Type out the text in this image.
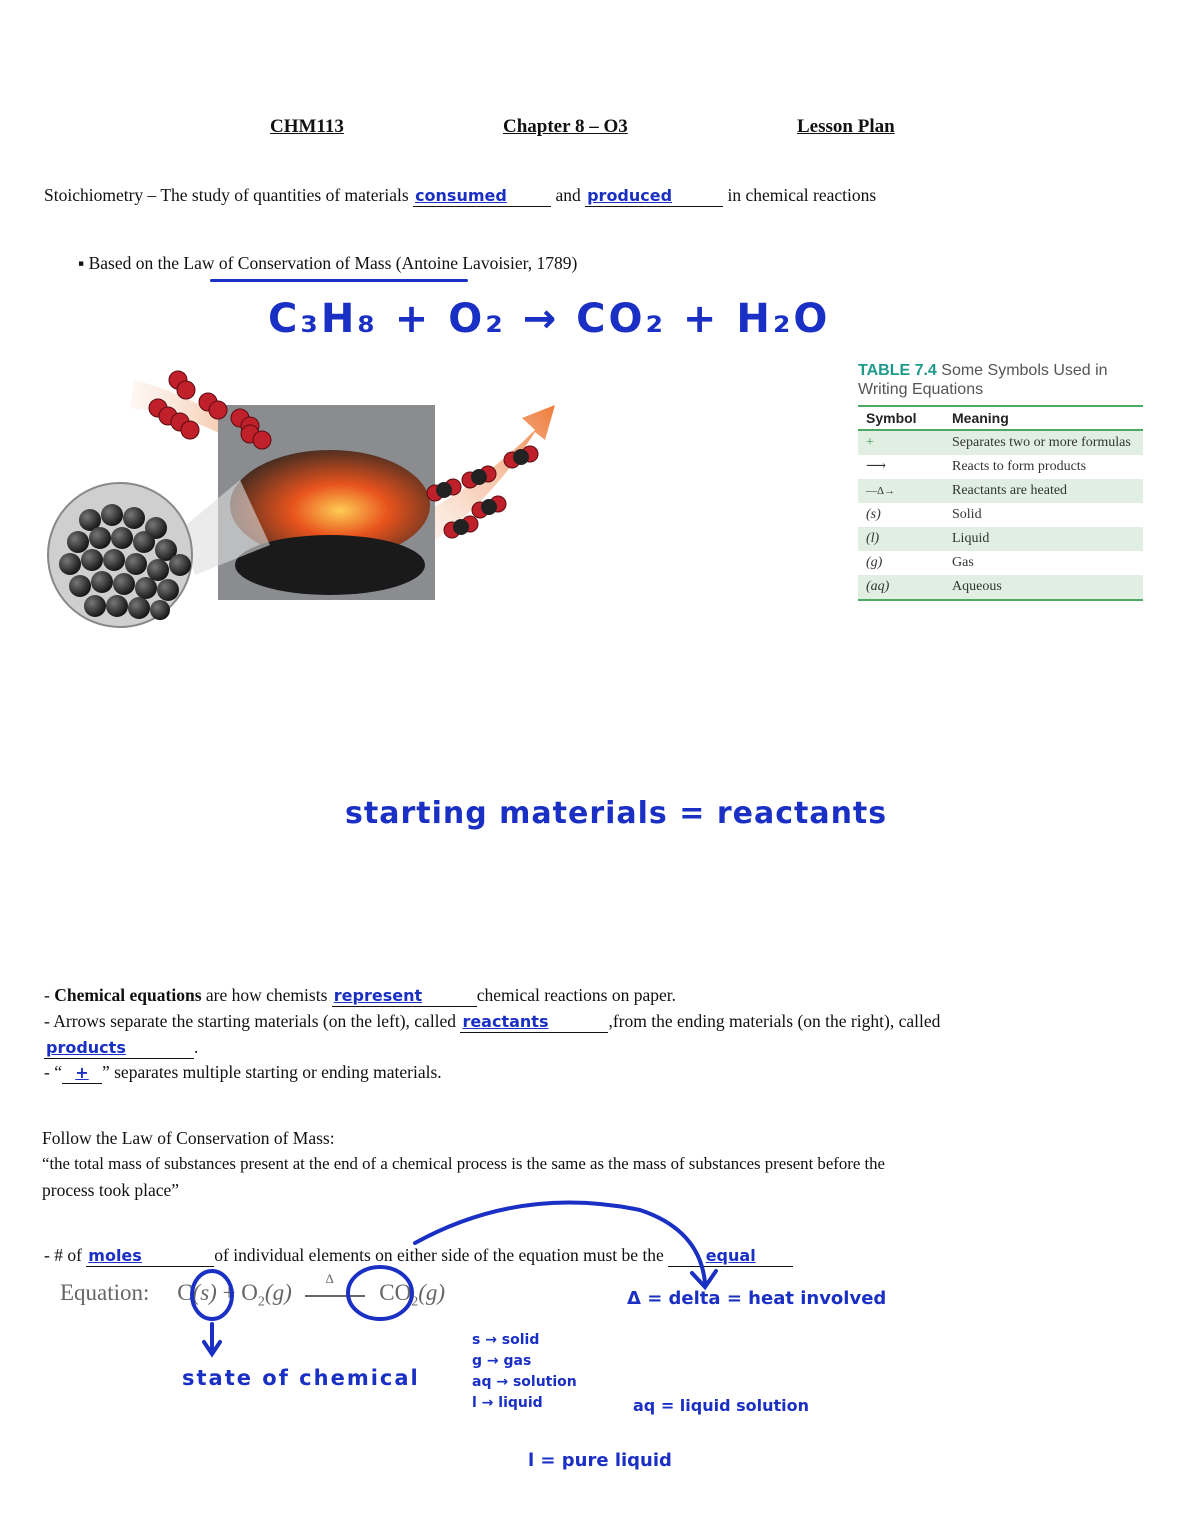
CHM113	Chapter 8 – O3	Lesson Plan
Stoichiometry – The study of quantities of materials consumed	and produced	in chemical reactions
▪ Based on the Law of Conservation of Mass (Antoine Lavoisier, 1789)
C₃H₈ + O₂ → CO₂ + H₂O
TABLE 7.4 Some Symbols Used in Writing Equations
Symbol	Meaning
+	Separates two or more formulas
⟶	Reacts to form products
—Δ→	Reactants are heated
(s)	Solid
(l)	Liquid
(g)	Gas
(aq)	Aqueous
starting materials = reactants
- Chemical equations are how chemists represent	chemical reactions on paper.
- Arrows separate the starting materials (on the left), called reactants	,from the ending materials (on the right), called
products	.
- “ + ” separates multiple starting or ending materials.
Follow the Law of Conservation of Mass:
“the total mass of substances present at the end of a chemical process is the same as the mass of substances present before the
process took place”
- # of moles	of individual elements on either side of the equation must be the	equal
Equation: $C(s) + O_2(g)$
Δ
$CO_2(g)$	Δ = delta = heat involved
state of chemical
s → solid
g → gas
aq → solution
l → liquid	aq = liquid solution
l = pure liquid
